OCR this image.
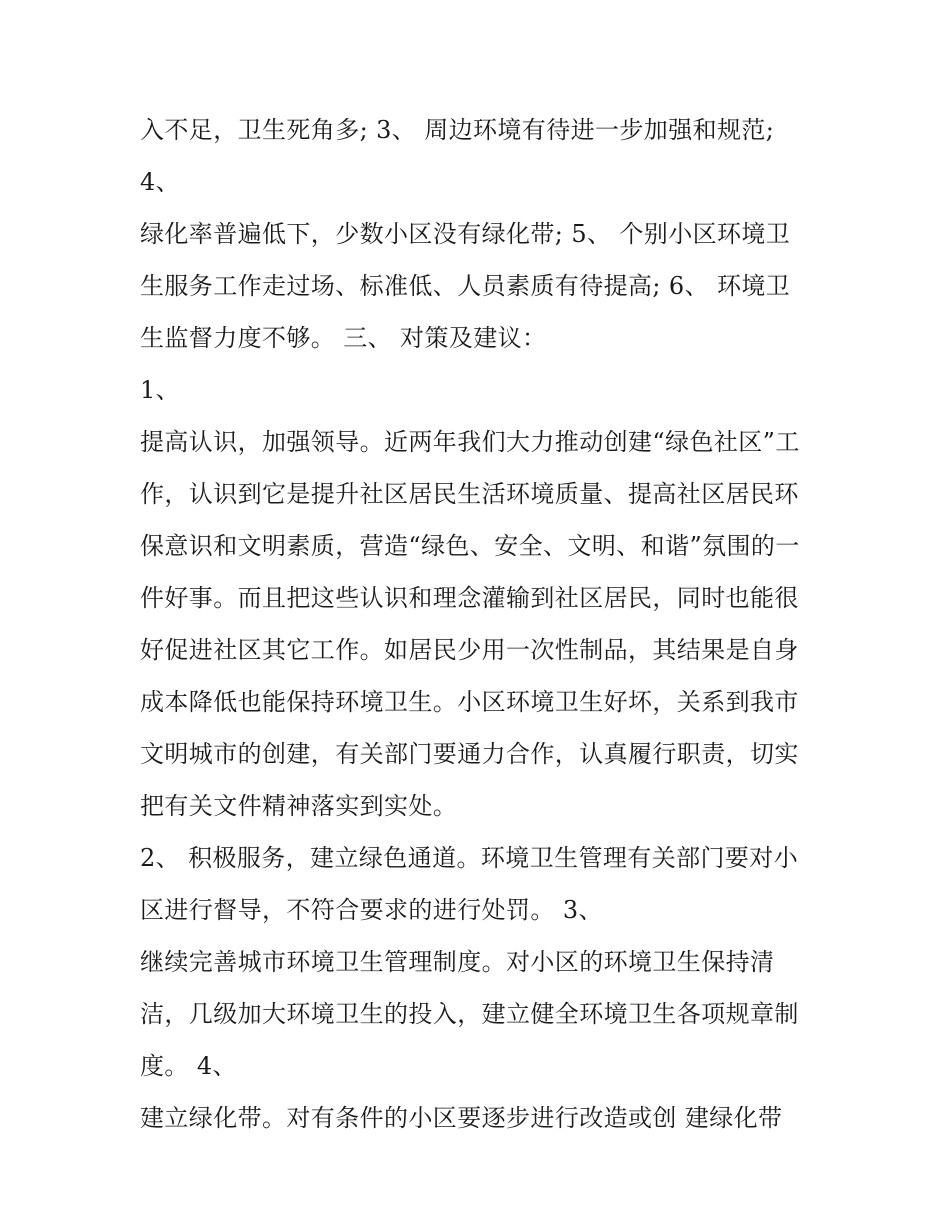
入不足，卫生死角多; 3、 周边环境有待进一步加强和规范;
4、
绿化率普遍低下，少数小区没有绿化带; 5、 个别小区环境卫
生服务工作走过场、标准低、人员素质有待提高; 6、 环境卫
生监督力度不够。 三、 对策及建议：
1、
提高认识，加强领导。近两年我们大力推动创建“绿色社区”工
作，认识到它是提升社区居民生活环境质量、提高社区居民环
保意识和文明素质，营造“绿色、安全、文明、和谐”氛围的一
件好事。而且把这些认识和理念灌输到社区居民，同时也能很
好促进社区其它工作。如居民少用一次性制品，其结果是自身
成本降低也能保持环境卫生。小区环境卫生好坏，关系到我市
文明城市的创建，有关部门要通力合作，认真履行职责，切实
把有关文件精神落实到实处。
2、 积极服务，建立绿色通道。环境卫生管理有关部门要对小
区进行督导，不符合要求的进行处罚。 3、
继续完善城市环境卫生管理制度。对小区的环境卫生保持清
洁，几级加大环境卫生的投入，建立健全环境卫生各项规章制
度。 4、
建立绿化带。对有条件的小区要逐步进行改造或创 建绿化带
